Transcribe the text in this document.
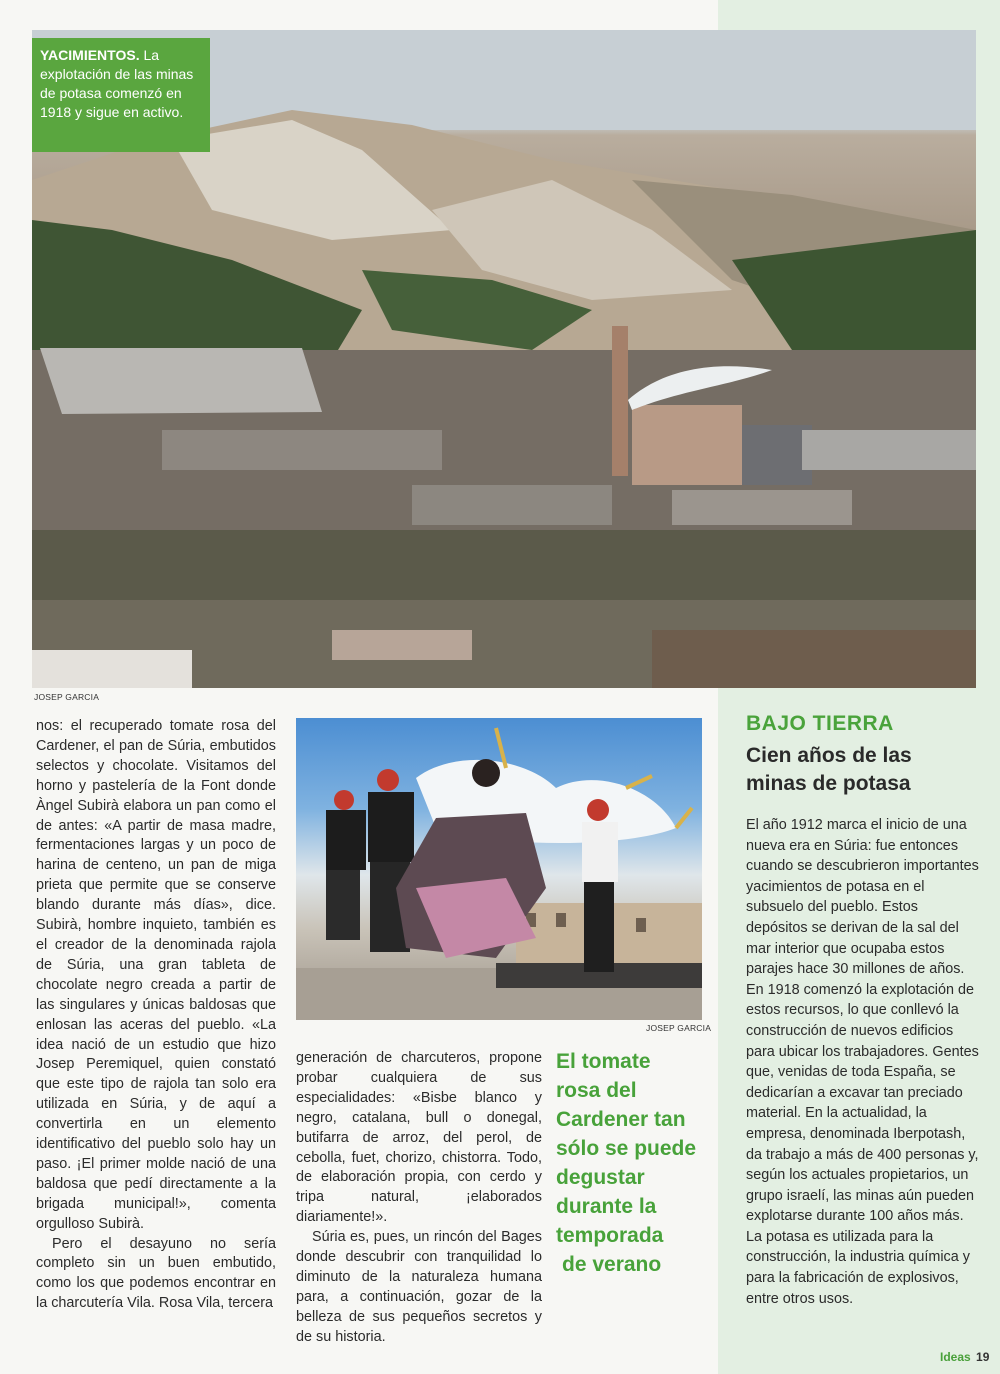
YACIMIENTOS. La explotación de las minas de potasa comenzó en 1918 y sigue en activo.
JOSEP GARCIA

nos: el recuperado tomate rosa del Cardener, el pan de Súria, embutidos selectos y chocolate. Visitamos del horno y pastelería de la Font donde Àngel Subirà elabora un pan como el de antes: «A partir de masa madre, fermentaciones largas y un poco de harina de centeno, un pan de miga prieta que permite que se conserve blando durante más días», dice. Subirà, hombre inquieto, también es el creador de la denominada rajola de Súria, una gran tableta de chocolate negro creada a partir de las singulares y únicas baldosas que enlosan las aceras del pueblo. «La idea nació de un estudio que hizo Josep Peremiquel, quien constató que este tipo de rajola tan solo era utilizada en Súria, y de aquí a convertirla en un elemento identificativo del pueblo solo hay un paso. ¡El primer molde nació de una baldosa que pedí directamente a la brigada municipal!», comenta orgulloso Subirà.

Pero el desayuno no sería completo sin un buen embutido, como los que podemos encontrar en la charcutería Vila. Rosa Vila, tercera

JOSEP GARCIA

generación de charcuteros, propone probar cualquiera de sus especialidades: «Bisbe blanco y negro, catalana, bull o donegal, butifarra de arroz, del perol, de cebolla, fuet, chorizo, chistorra. Todo, de elaboración propia, con cerdo y tripa natural, ¡elaborados diariamente!».

Súria es, pues, un rincón del Bages donde descubrir con tranquilidad lo diminuto de la naturaleza humana para, a continuación, gozar de la belleza de sus pequeños secretos y de su historia.

El tomate
rosa del
Cardener tan
sólo se puede
degustar
durante la
temporada
de verano
BAJO TIERRA
Cien años de las minas de potasa
El año 1912 marca el inicio de una nueva era en Súria: fue entonces cuando se descubrieron importantes yacimientos de potasa en el subsuelo del pueblo. Estos depósitos se derivan de la sal del mar interior que ocupaba estos parajes hace 30 millones de años. En 1918 comenzó la explotación de estos recursos, lo que conllevó la construcción de nuevos edificios para ubicar los trabajadores. Gentes que, venidas de toda España, se dedicarían a excavar tan preciado material. En la actualidad, la empresa, denominada Iberpotash, da trabajo a más de 400 personas y, según los actuales propietarios, un grupo israelí, las minas aún pueden explotarse durante 100 años más. La potasa es utilizada para la construcción, la industria química y para la fabricación de explosivos, entre otros usos.
Ideas 19
